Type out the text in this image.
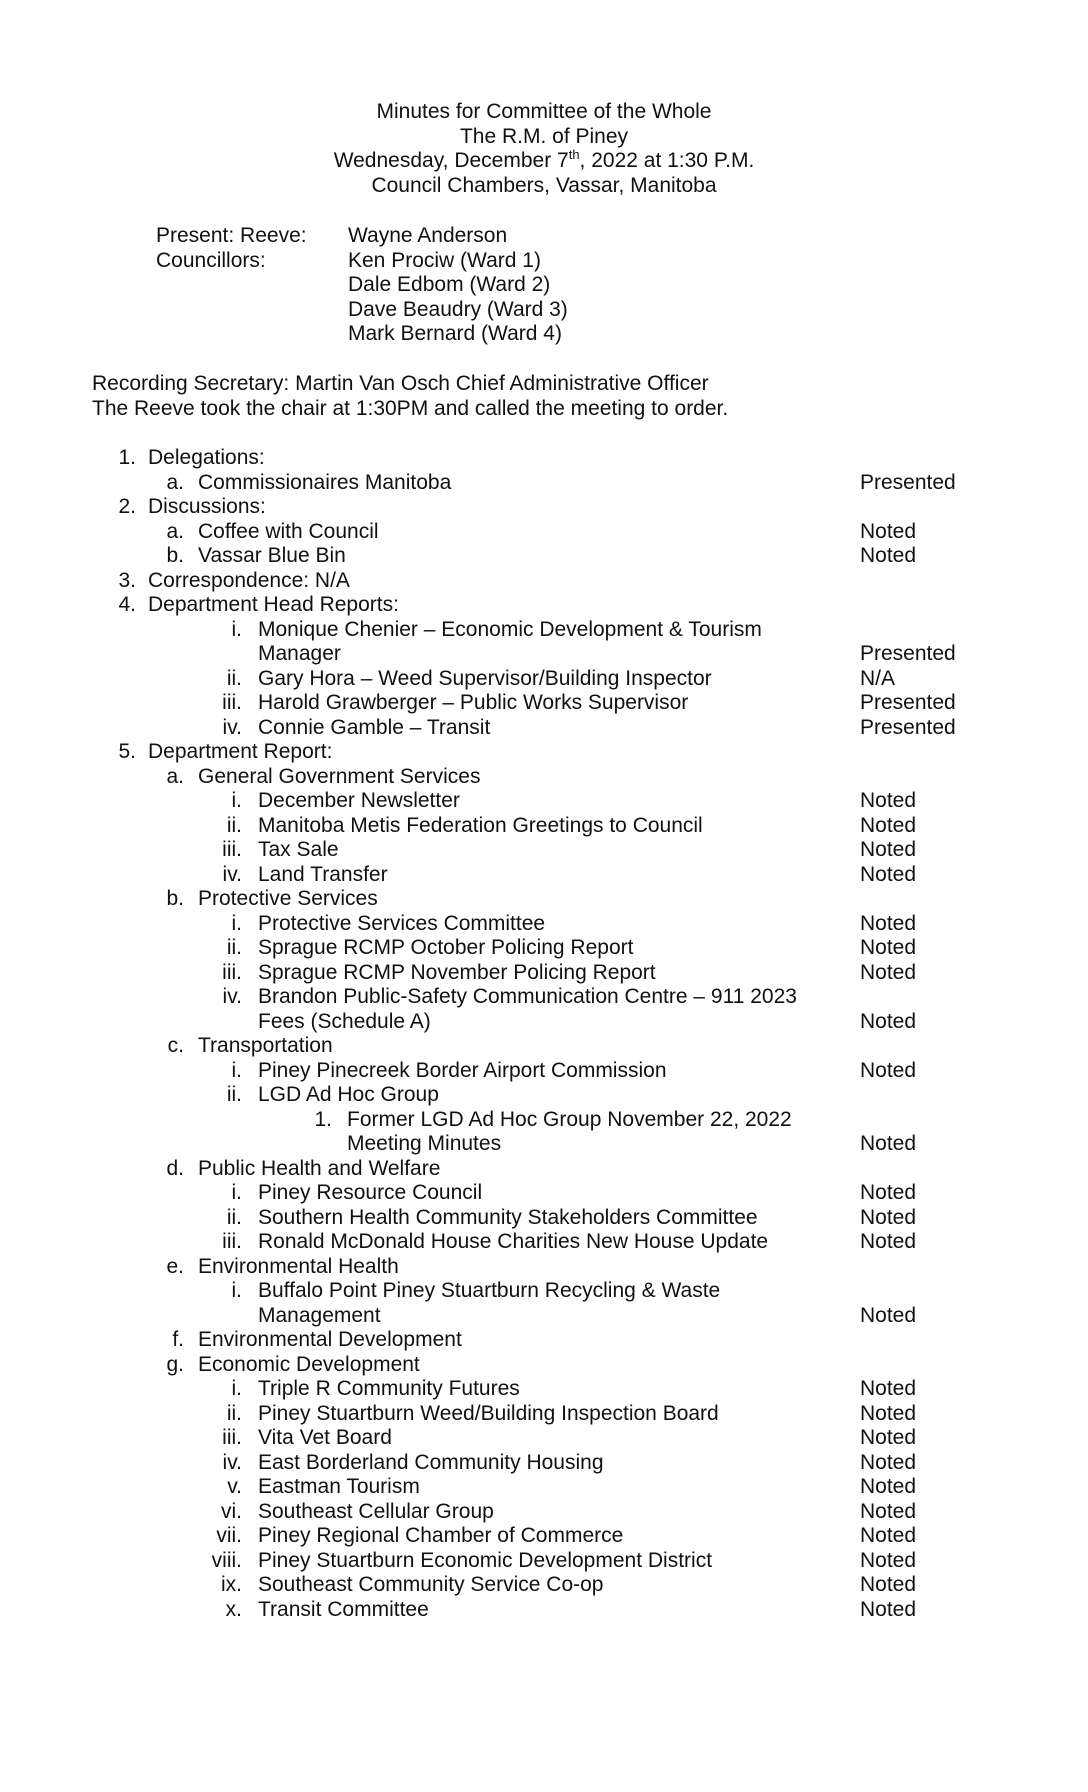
Minutes for Committee of the Whole
The R.M. of Piney
Wednesday, December 7th, 2022 at 1:30 P.M.
Council Chambers, Vassar, Manitoba
Present: Reeve: Wayne Anderson
Councillors:	Ken Prociw (Ward 1)
Dale Edbom (Ward 2)
Dave Beaudry (Ward 3)
Mark Bernard (Ward 4)
Recording Secretary: Martin Van Osch Chief Administrative Officer
The Reeve took the chair at 1:30PM and called the meeting to order.
1. Delegations:
a. Commissionaires Manitoba	Presented
2. Discussions:
a. Coffee with Council	Noted
b. Vassar Blue Bin	Noted
3. Correspondence: N/A
4. Department Head Reports:
i. Monique Chenier – Economic Development & Tourism
Manager	Presented
ii. Gary Hora – Weed Supervisor/Building Inspector	N/A
iii. Harold Grawberger – Public Works Supervisor	Presented
iv. Connie Gamble – Transit	Presented
5. Department Report:
a. General Government Services
i. December Newsletter	Noted
ii. Manitoba Metis Federation Greetings to Council	Noted
iii. Tax Sale	Noted
iv. Land Transfer	Noted
b. Protective Services
i. Protective Services Committee	Noted
ii. Sprague RCMP October Policing Report	Noted
iii. Sprague RCMP November Policing Report	Noted
iv. Brandon Public-Safety Communication Centre – 911 2023
Fees (Schedule A)	Noted
c. Transportation
i. Piney Pinecreek Border Airport Commission	Noted
ii. LGD Ad Hoc Group
1. Former LGD Ad Hoc Group November 22, 2022
Meeting Minutes	Noted
d. Public Health and Welfare
i. Piney Resource Council	Noted
ii. Southern Health Community Stakeholders Committee	Noted
iii. Ronald McDonald House Charities New House Update	Noted
e. Environmental Health
i. Buffalo Point Piney Stuartburn Recycling & Waste
Management	Noted
f. Environmental Development
g. Economic Development
i. Triple R Community Futures	Noted
ii. Piney Stuartburn Weed/Building Inspection Board	Noted
iii. Vita Vet Board	Noted
iv. East Borderland Community Housing	Noted
v. Eastman Tourism	Noted
vi. Southeast Cellular Group	Noted
vii. Piney Regional Chamber of Commerce	Noted
viii. Piney Stuartburn Economic Development District	Noted
ix. Southeast Community Service Co-op	Noted
x. Transit Committee	Noted
